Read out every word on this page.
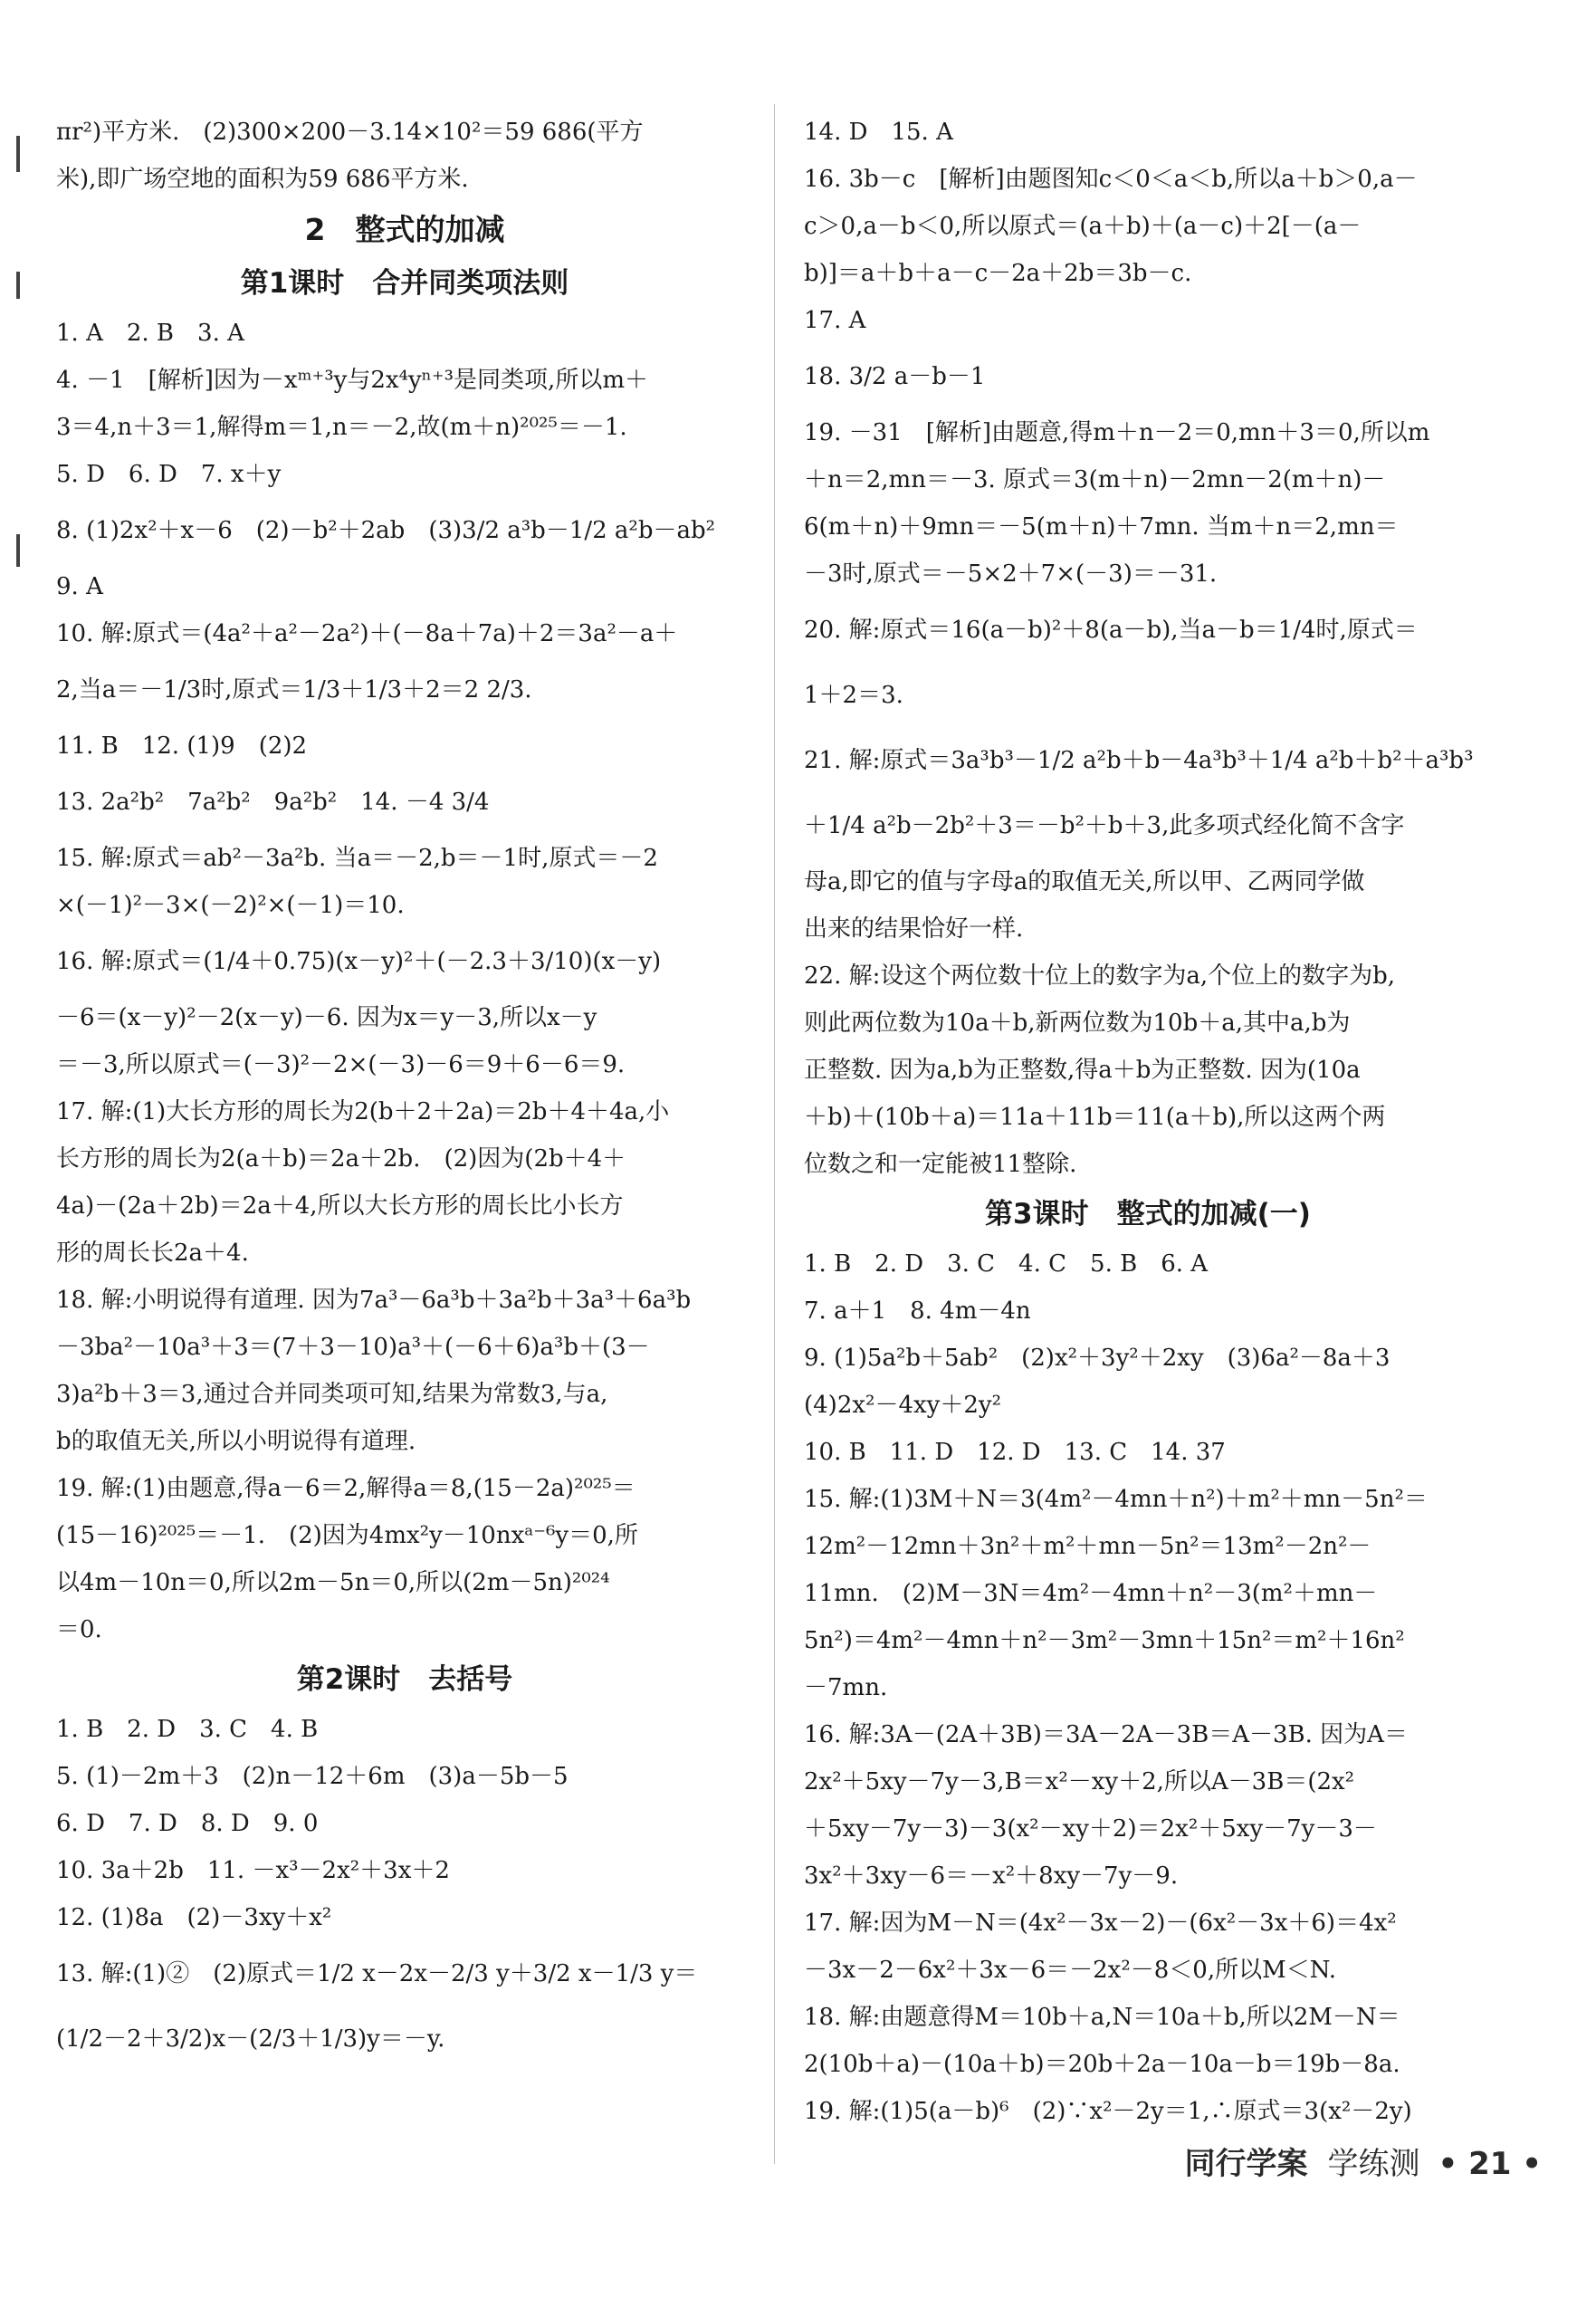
πr²)平方米.　(2)300×200－3.14×10²＝59 686(平方
米),即广场空地的面积为59 686平方米.
2　整式的加减
第1课时　合并同类项法则
1. A　2. B　3. A
4. －1　[解析]因为－xᵐ⁺³y与2x⁴yⁿ⁺³是同类项,所以m＋
3＝4,n＋3＝1,解得m＝1,n＝－2,故(m＋n)²⁰²⁵＝－1.
5. D　6. D　7. x＋y
8. (1)2x²＋x－6　(2)－b²＋2ab　(3)3/2 a³b－1/2 a²b－ab²
9. A
10. 解:原式＝(4a²＋a²－2a²)＋(－8a＋7a)＋2＝3a²－a＋
2,当a＝－1/3时,原式＝1/3＋1/3＋2＝2 2/3.
11. B　12. (1)9　(2)2
13. 2a²b²　7a²b²　9a²b²　14. －4 3/4
15. 解:原式＝ab²－3a²b. 当a＝－2,b＝－1时,原式＝－2
×(－1)²－3×(－2)²×(－1)＝10.
16. 解:原式＝(1/4＋0.75)(x－y)²＋(－2.3＋3/10)(x－y)
－6＝(x－y)²－2(x－y)－6. 因为x＝y－3,所以x－y
＝－3,所以原式＝(－3)²－2×(－3)－6＝9＋6－6＝9.
17. 解:(1)大长方形的周长为2(b＋2＋2a)＝2b＋4＋4a,小
长方形的周长为2(a＋b)＝2a＋2b.　(2)因为(2b＋4＋
4a)－(2a＋2b)＝2a＋4,所以大长方形的周长比小长方
形的周长长2a＋4.
18. 解:小明说得有道理. 因为7a³－6a³b＋3a²b＋3a³＋6a³b
－3ba²－10a³＋3＝(7＋3－10)a³＋(－6＋6)a³b＋(3－
3)a²b＋3＝3,通过合并同类项可知,结果为常数3,与a,
b的取值无关,所以小明说得有道理.
19. 解:(1)由题意,得a－6＝2,解得a＝8,(15－2a)²⁰²⁵＝
(15－16)²⁰²⁵＝－1.　(2)因为4mx²y－10nxᵃ⁻⁶y＝0,所
以4m－10n＝0,所以2m－5n＝0,所以(2m－5n)²⁰²⁴
＝0.
第2课时　去括号
1. B　2. D　3. C　4. B
5. (1)－2m＋3　(2)n－12＋6m　(3)a－5b－5
6. D　7. D　8. D　9. 0
10. 3a＋2b　11. －x³－2x²＋3x＋2
12. (1)8a　(2)－3xy＋x²
13. 解:(1)②　(2)原式＝1/2 x－2x－2/3 y＋3/2 x－1/3 y＝
(1/2－2＋3/2)x－(2/3＋1/3)y＝－y.
14. D　15. A
16. 3b－c　[解析]由题图知c＜0＜a＜b,所以a＋b＞0,a－
c＞0,a－b＜0,所以原式＝(a＋b)＋(a－c)＋2[－(a－
b)]＝a＋b＋a－c－2a＋2b＝3b－c.
17. A
18. 3/2 a－b－1
19. －31　[解析]由题意,得m＋n－2＝0,mn＋3＝0,所以m
＋n＝2,mn＝－3. 原式＝3(m＋n)－2mn－2(m＋n)－
6(m＋n)＋9mn＝－5(m＋n)＋7mn. 当m＋n＝2,mn＝
－3时,原式＝－5×2＋7×(－3)＝－31.
20. 解:原式＝16(a－b)²＋8(a－b),当a－b＝1/4时,原式＝
1＋2＝3.
21. 解:原式＝3a³b³－1/2 a²b＋b－4a³b³＋1/4 a²b＋b²＋a³b³
＋1/4 a²b－2b²＋3＝－b²＋b＋3,此多项式经化简不含字
母a,即它的值与字母a的取值无关,所以甲、乙两同学做
出来的结果恰好一样.
22. 解:设这个两位数十位上的数字为a,个位上的数字为b,
则此两位数为10a＋b,新两位数为10b＋a,其中a,b为
正整数. 因为a,b为正整数,得a＋b为正整数. 因为(10a
＋b)＋(10b＋a)＝11a＋11b＝11(a＋b),所以这两个两
位数之和一定能被11整除.
第3课时　整式的加减(一)
1. B　2. D　3. C　4. C　5. B　6. A
7. a＋1　8. 4m－4n
9. (1)5a²b＋5ab²　(2)x²＋3y²＋2xy　(3)6a²－8a＋3
(4)2x²－4xy＋2y²
10. B　11. D　12. D　13. C　14. 37
15. 解:(1)3M＋N＝3(4m²－4mn＋n²)＋m²＋mn－5n²＝
12m²－12mn＋3n²＋m²＋mn－5n²＝13m²－2n²－
11mn.　(2)M－3N＝4m²－4mn＋n²－3(m²＋mn－
5n²)＝4m²－4mn＋n²－3m²－3mn＋15n²＝m²＋16n²
－7mn.
16. 解:3A－(2A＋3B)＝3A－2A－3B＝A－3B. 因为A＝
2x²＋5xy－7y－3,B＝x²－xy＋2,所以A－3B＝(2x²
＋5xy－7y－3)－3(x²－xy＋2)＝2x²＋5xy－7y－3－
3x²＋3xy－6＝－x²＋8xy－7y－9.
17. 解:因为M－N＝(4x²－3x－2)－(6x²－3x＋6)＝4x²
－3x－2－6x²＋3x－6＝－2x²－8＜0,所以M＜N.
18. 解:由题意得M＝10b＋a,N＝10a＋b,所以2M－N＝
2(10b＋a)－(10a＋b)＝20b＋2a－10a－b＝19b－8a.
19. 解:(1)5(a－b)⁶　(2)∵x²－2y＝1,∴原式＝3(x²－2y)
同行学案 学练测 • 21 •
